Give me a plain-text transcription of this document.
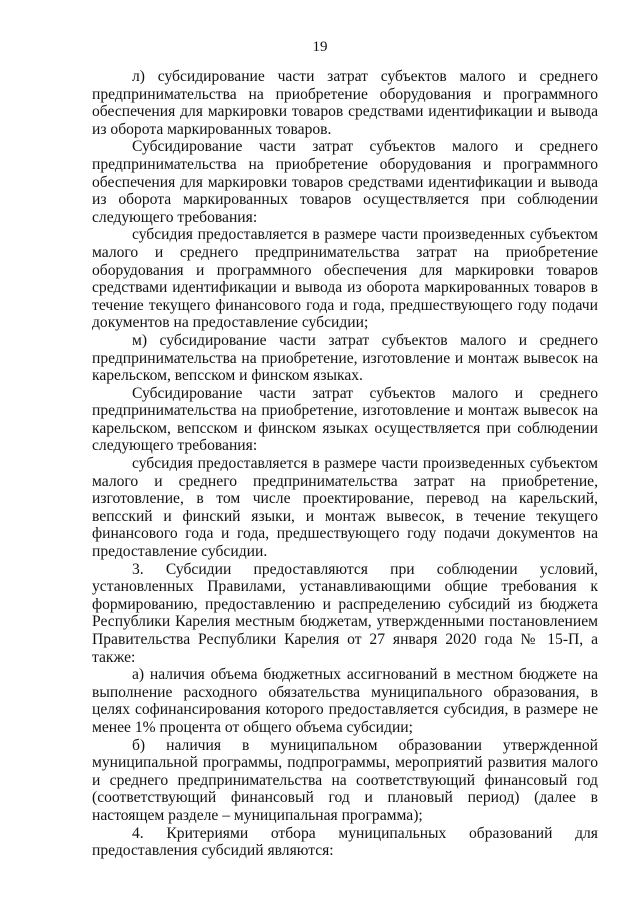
19

л) субсидирование части затрат субъектов малого и среднего предпринимательства на приобретение оборудования и программного обеспечения для маркировки товаров средствами идентификации и вывода из оборота маркированных товаров.

Субсидирование части затрат субъектов малого и среднего предпринимательства на приобретение оборудования и программного обеспечения для маркировки товаров средствами идентификации и вывода из оборота маркированных товаров осуществляется при соблюдении следующего требования:

субсидия предоставляется в размере части произведенных субъектом малого и среднего предпринимательства затрат на приобретение оборудования и программного обеспечения для маркировки товаров средствами идентификации и вывода из оборота маркированных товаров в течение текущего финансового года и года, предшествующего году подачи документов на предоставление субсидии;

м) субсидирование части затрат субъектов малого и среднего предпринимательства на приобретение, изготовление и монтаж вывесок на карельском, вепсском и финском языках.

Субсидирование части затрат субъектов малого и среднего предпринимательства на приобретение, изготовление и монтаж вывесок на карельском, вепсском и финском языках осуществляется при соблюдении следующего требования:

субсидия предоставляется в размере части произведенных субъектом малого и среднего предпринимательства затрат на приобретение, изготовление, в том числе проектирование, перевод на карельский, вепсский и финский языки, и монтаж вывесок, в течение текущего финансового года и года, предшествующего году подачи документов на предоставление субсидии.

3. Субсидии предоставляются при соблюдении условий, установленных Правилами, устанавливающими общие требования к формированию, предоставлению и распределению субсидий из бюджета Республики Карелия местным бюджетам, утвержденными постановлением Правительства Республики Карелия от 27 января 2020 года № 15-П, а также:

а) наличия объема бюджетных ассигнований в местном бюджете на выполнение расходного обязательства муниципального образования, в целях софинансирования которого предоставляется субсидия, в размере не менее 1% процента от общего объема субсидии;

б) наличия в муниципальном образовании утвержденной муниципальной программы, подпрограммы, мероприятий развития малого и среднего предпринимательства на соответствующий финансовый год (соответствующий финансовый год и плановый период) (далее в настоящем разделе – муниципальная программа);

4. Критериями отбора муниципальных образований для предоставления субсидий являются:
